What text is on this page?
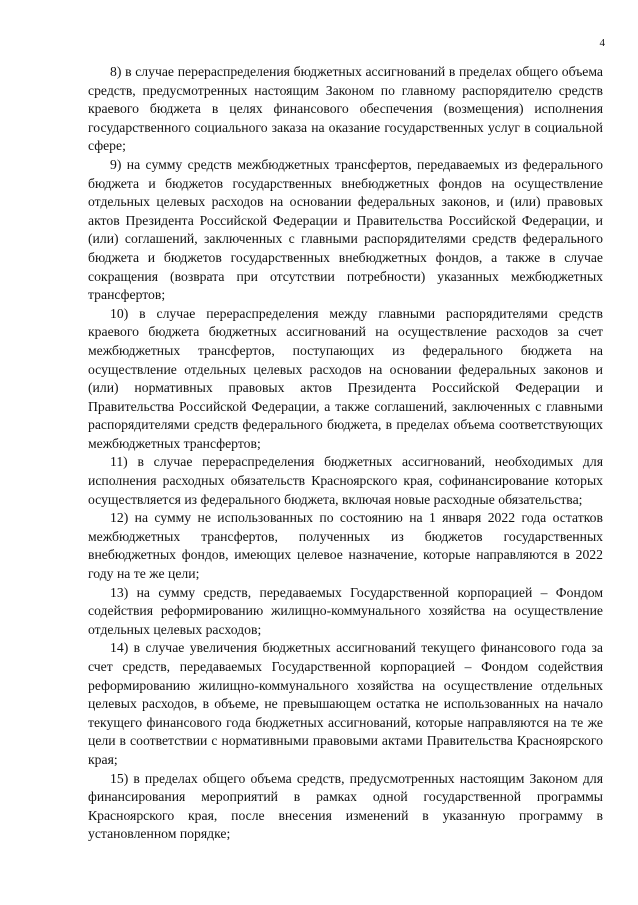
4

8) в случае перераспределения бюджетных ассигнований в пределах общего объема средств, предусмотренных настоящим Законом по главному распорядителю средств краевого бюджета в целях финансового обеспечения (возмещения) исполнения государственного социального заказа на оказание государственных услуг в социальной сфере;

9) на сумму средств межбюджетных трансфертов, передаваемых из федерального бюджета и бюджетов государственных внебюджетных фондов на осуществление отдельных целевых расходов на основании федеральных законов, и (или) правовых актов Президента Российской Федерации и Правительства Российской Федерации, и (или) соглашений, заключенных с главными распорядителями средств федерального бюджета и бюджетов государственных внебюджетных фондов, а также в случае сокращения (возврата при отсутствии потребности) указанных межбюджетных трансфертов;

10) в случае перераспределения между главными распорядителями средств краевого бюджета бюджетных ассигнований на осуществление расходов за счет межбюджетных трансфертов, поступающих из федерального бюджета на осуществление отдельных целевых расходов на основании федеральных законов и (или) нормативных правовых актов Президента Российской Федерации и Правительства Российской Федерации, а также соглашений, заключенных с главными распорядителями средств федерального бюджета, в пределах объема соответствующих межбюджетных трансфертов;

11) в случае перераспределения бюджетных ассигнований, необходимых для исполнения расходных обязательств Красноярского края, софинансирование которых осуществляется из федерального бюджета, включая новые расходные обязательства;

12) на сумму не использованных по состоянию на 1 января 2022 года остатков межбюджетных трансфертов, полученных из бюджетов государственных внебюджетных фондов, имеющих целевое назначение, которые направляются в 2022 году на те же цели;

13) на сумму средств, передаваемых Государственной корпорацией – Фондом содействия реформированию жилищно-коммунального хозяйства на осуществление отдельных целевых расходов;

14) в случае увеличения бюджетных ассигнований текущего финансового года за счет средств, передаваемых Государственной корпорацией – Фондом содействия реформированию жилищно-коммунального хозяйства на осуществление отдельных целевых расходов, в объеме, не превышающем остатка не использованных на начало текущего финансового года бюджетных ассигнований, которые направляются на те же цели в соответствии с нормативными правовыми актами Правительства Красноярского края;

15) в пределах общего объема средств, предусмотренных настоящим Законом для финансирования мероприятий в рамках одной государственной программы Красноярского края, после внесения изменений в указанную программу в установленном порядке;
